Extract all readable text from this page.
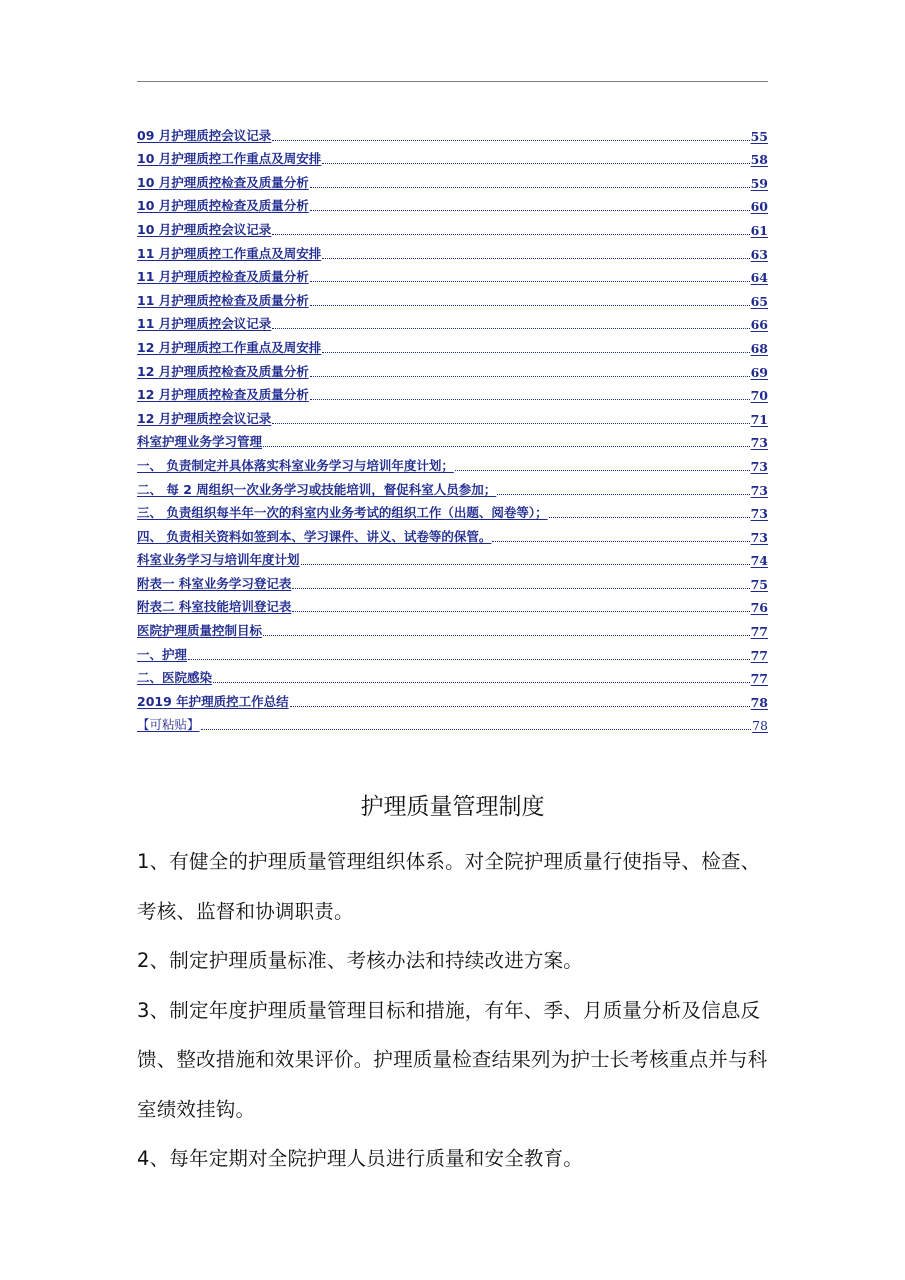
09 月护理质控会议记录	55
10 月护理质控工作重点及周安排	58
10 月护理质控检查及质量分析	59
10 月护理质控检查及质量分析	60
10 月护理质控会议记录	61
11 月护理质控工作重点及周安排	63
11 月护理质控检查及质量分析	64
11 月护理质控检查及质量分析	65
11 月护理质控会议记录	66
12 月护理质控工作重点及周安排	68
12 月护理质控检查及质量分析	69
12 月护理质控检查及质量分析	70
12 月护理质控会议记录	71
科室护理业务学习管理	73
一、 负责制定并具体落实科室业务学习与培训年度计划；	73
二、 每 2 周组织一次业务学习或技能培训，督促科室人员参加；	73
三、 负责组织每半年一次的科室内业务考试的组织工作（出题、阅卷等）；	73
四、 负责相关资料如签到本、学习课件、讲义、试卷等的保管。	73
科室业务学习与培训年度计划	74
附表一 科室业务学习登记表	75
附表二 科室技能培训登记表	76
医院护理质量控制目标	77
一、护理	77
二、医院感染	77
2019 年护理质控工作总结	78
【可粘贴】	78
护理质量管理制度

1、有健全的护理质量管理组织体系。对全院护理质量行使指导、检查、考核、监督和协调职责。

2、制定护理质量标准、考核办法和持续改进方案。

3、制定年度护理质量管理目标和措施，有年、季、月质量分析及信息反馈、整改措施和效果评价。护理质量检查结果列为护士长考核重点并与科室绩效挂钩。

4、每年定期对全院护理人员进行质量和安全教育。
